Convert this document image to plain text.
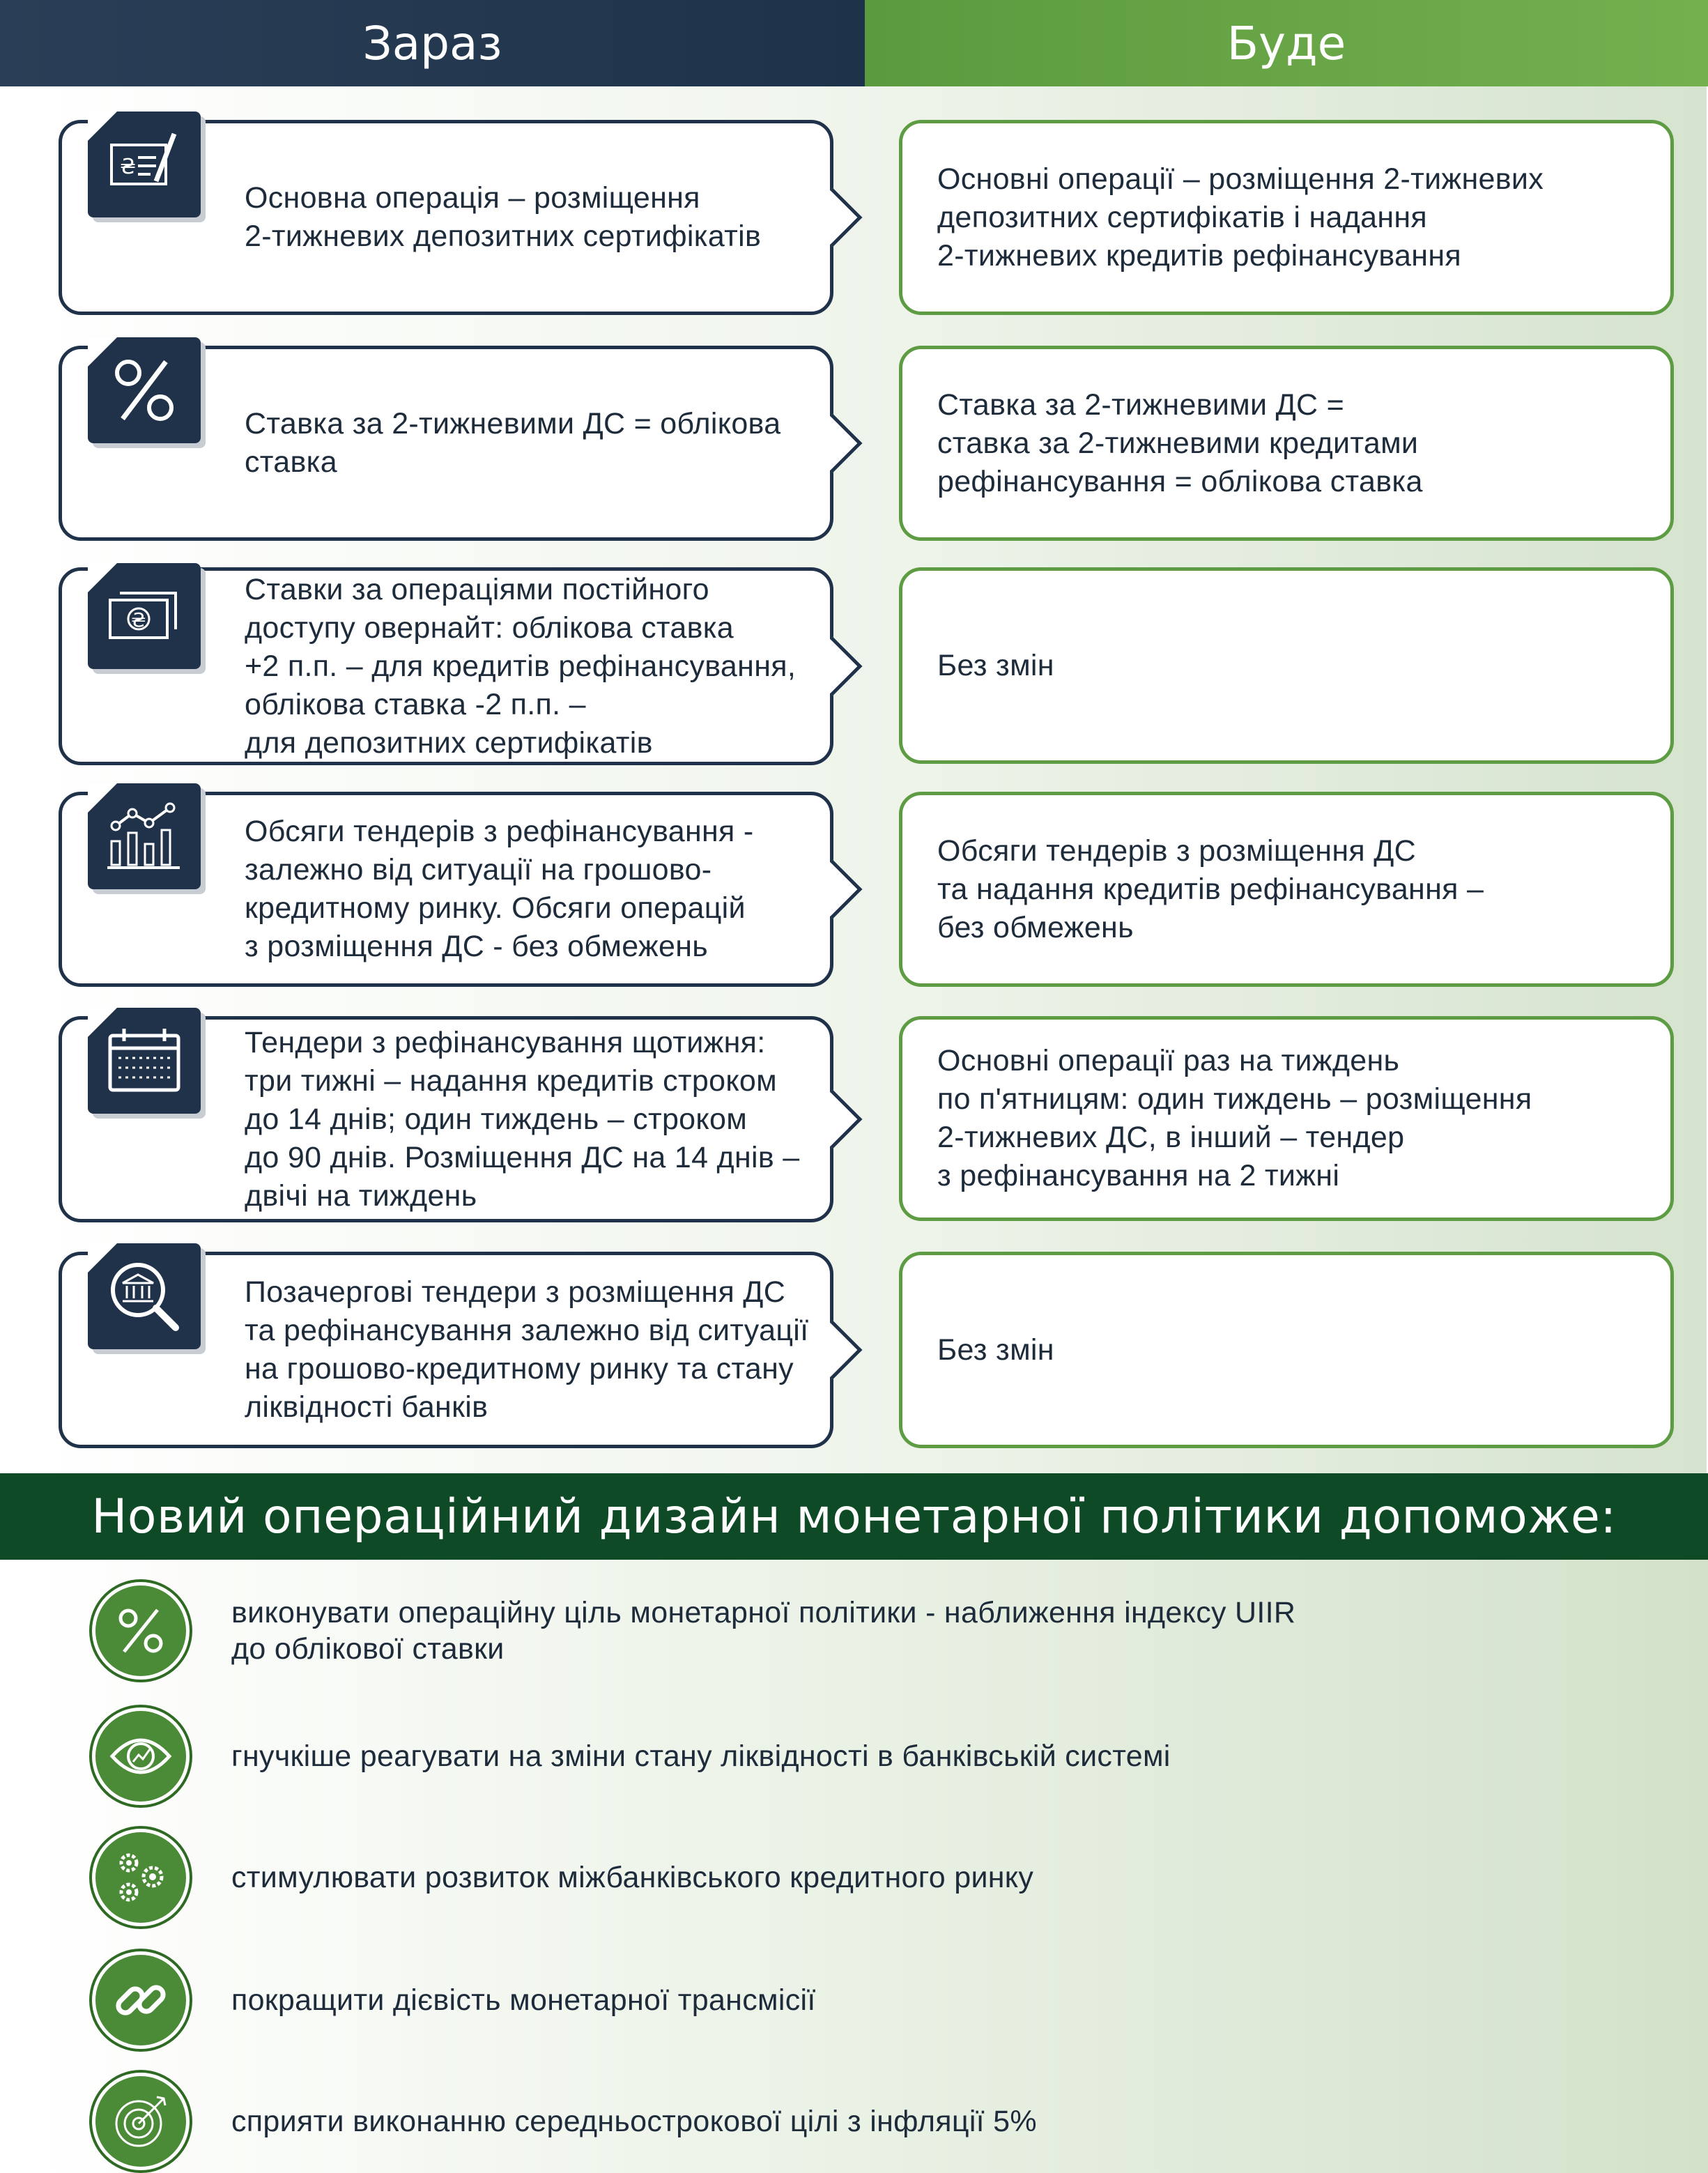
Зараз	Буде
Основна операція – розміщення
2-тижневих депозитних сертифікатів
₴	Основні операції – розміщення 2-тижневих
депозитних сертифікатів і надання
2-тижневих кредитів рефінансування
Ставка за 2-тижневими ДС = облікова
ставка
Ставка за 2-тижневими ДС =
ставка за 2-тижневими кредитами
рефінансування = облікова ставка
Ставки за операціями постійного
доступу овернайт: облікова ставка
+2 п.п. – для кредитів рефінансування,
облікова ставка -2 п.п. –
для депозитних сертифікатів
₴
Без змін
Обсяги тендерів з рефінансування -
залежно від ситуації на грошово-
кредитному ринку. Обсяги операцій
з розміщення ДС - без обмежень
Обсяги тендерів з розміщення ДС
та надання кредитів рефінансування –
без обмежень
Тендери з рефінансування щотижня:
три тижні – надання кредитів строком
до 14 днів; один тиждень – строком
до 90 днів. Розміщення ДС на 14 днів –
двічі на тиждень
Основні операції раз на тиждень
по п'ятницям: один тиждень – розміщення
2-тижневих ДС, в інший – тендер
з рефінансування на 2 тижні
Позачергові тендери з розміщення ДС
та рефінансування залежно від ситуації
на грошово-кредитному ринку та стану
ліквідності банків
Без змін
Новий операційний дизайн монетарної політики допоможе:
виконувати операційну ціль монетарної політики - наближення індексу UIIR
до облікової ставки
гнучкіше реагувати на зміни стану ліквідності в банківській системі
стимулювати розвиток міжбанківського кредитного ринку
покращити дієвість монетарної трансмісії
сприяти виконанню середньострокової цілі з інфляції 5%
